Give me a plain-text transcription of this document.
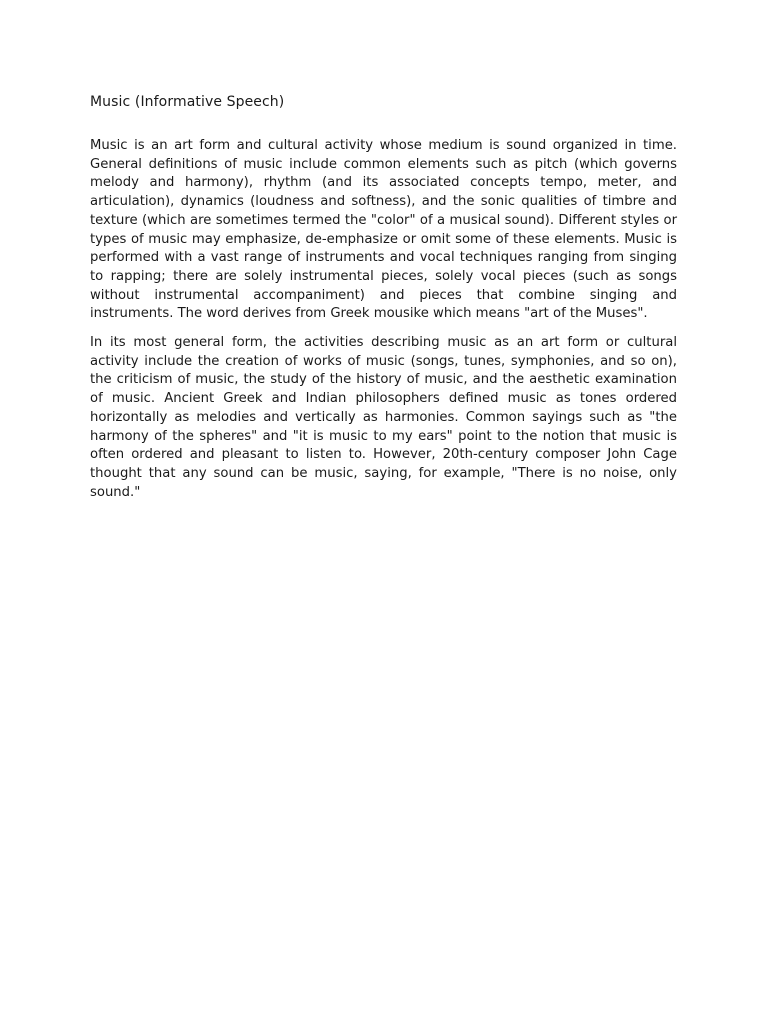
Music (Informative Speech)

Music is an art form and cultural activity whose medium is sound organized in time. General definitions of music include common elements such as pitch (which governs melody and harmony), rhythm (and its associated concepts tempo, meter, and articulation), dynamics (loudness and softness), and the sonic qualities of timbre and texture (which are sometimes termed the "color" of a musical sound). Different styles or types of music may emphasize, de-emphasize or omit some of these elements. Music is performed with a vast range of instruments and vocal techniques ranging from singing to rapping; there are solely instrumental pieces, solely vocal pieces (such as songs without instrumental accompaniment) and pieces that combine singing and instruments. The word derives from Greek mousike which means "art of the Muses".

In its most general form, the activities describing music as an art form or cultural activity include the creation of works of music (songs, tunes, symphonies, and so on), the criticism of music, the study of the history of music, and the aesthetic examination of music. Ancient Greek and Indian philosophers defined music as tones ordered horizontally as melodies and vertically as harmonies. Common sayings such as "the harmony of the spheres" and "it is music to my ears" point to the notion that music is often ordered and pleasant to listen to. However, 20th-century composer John Cage thought that any sound can be music, saying, for example, "There is no noise, only sound."
